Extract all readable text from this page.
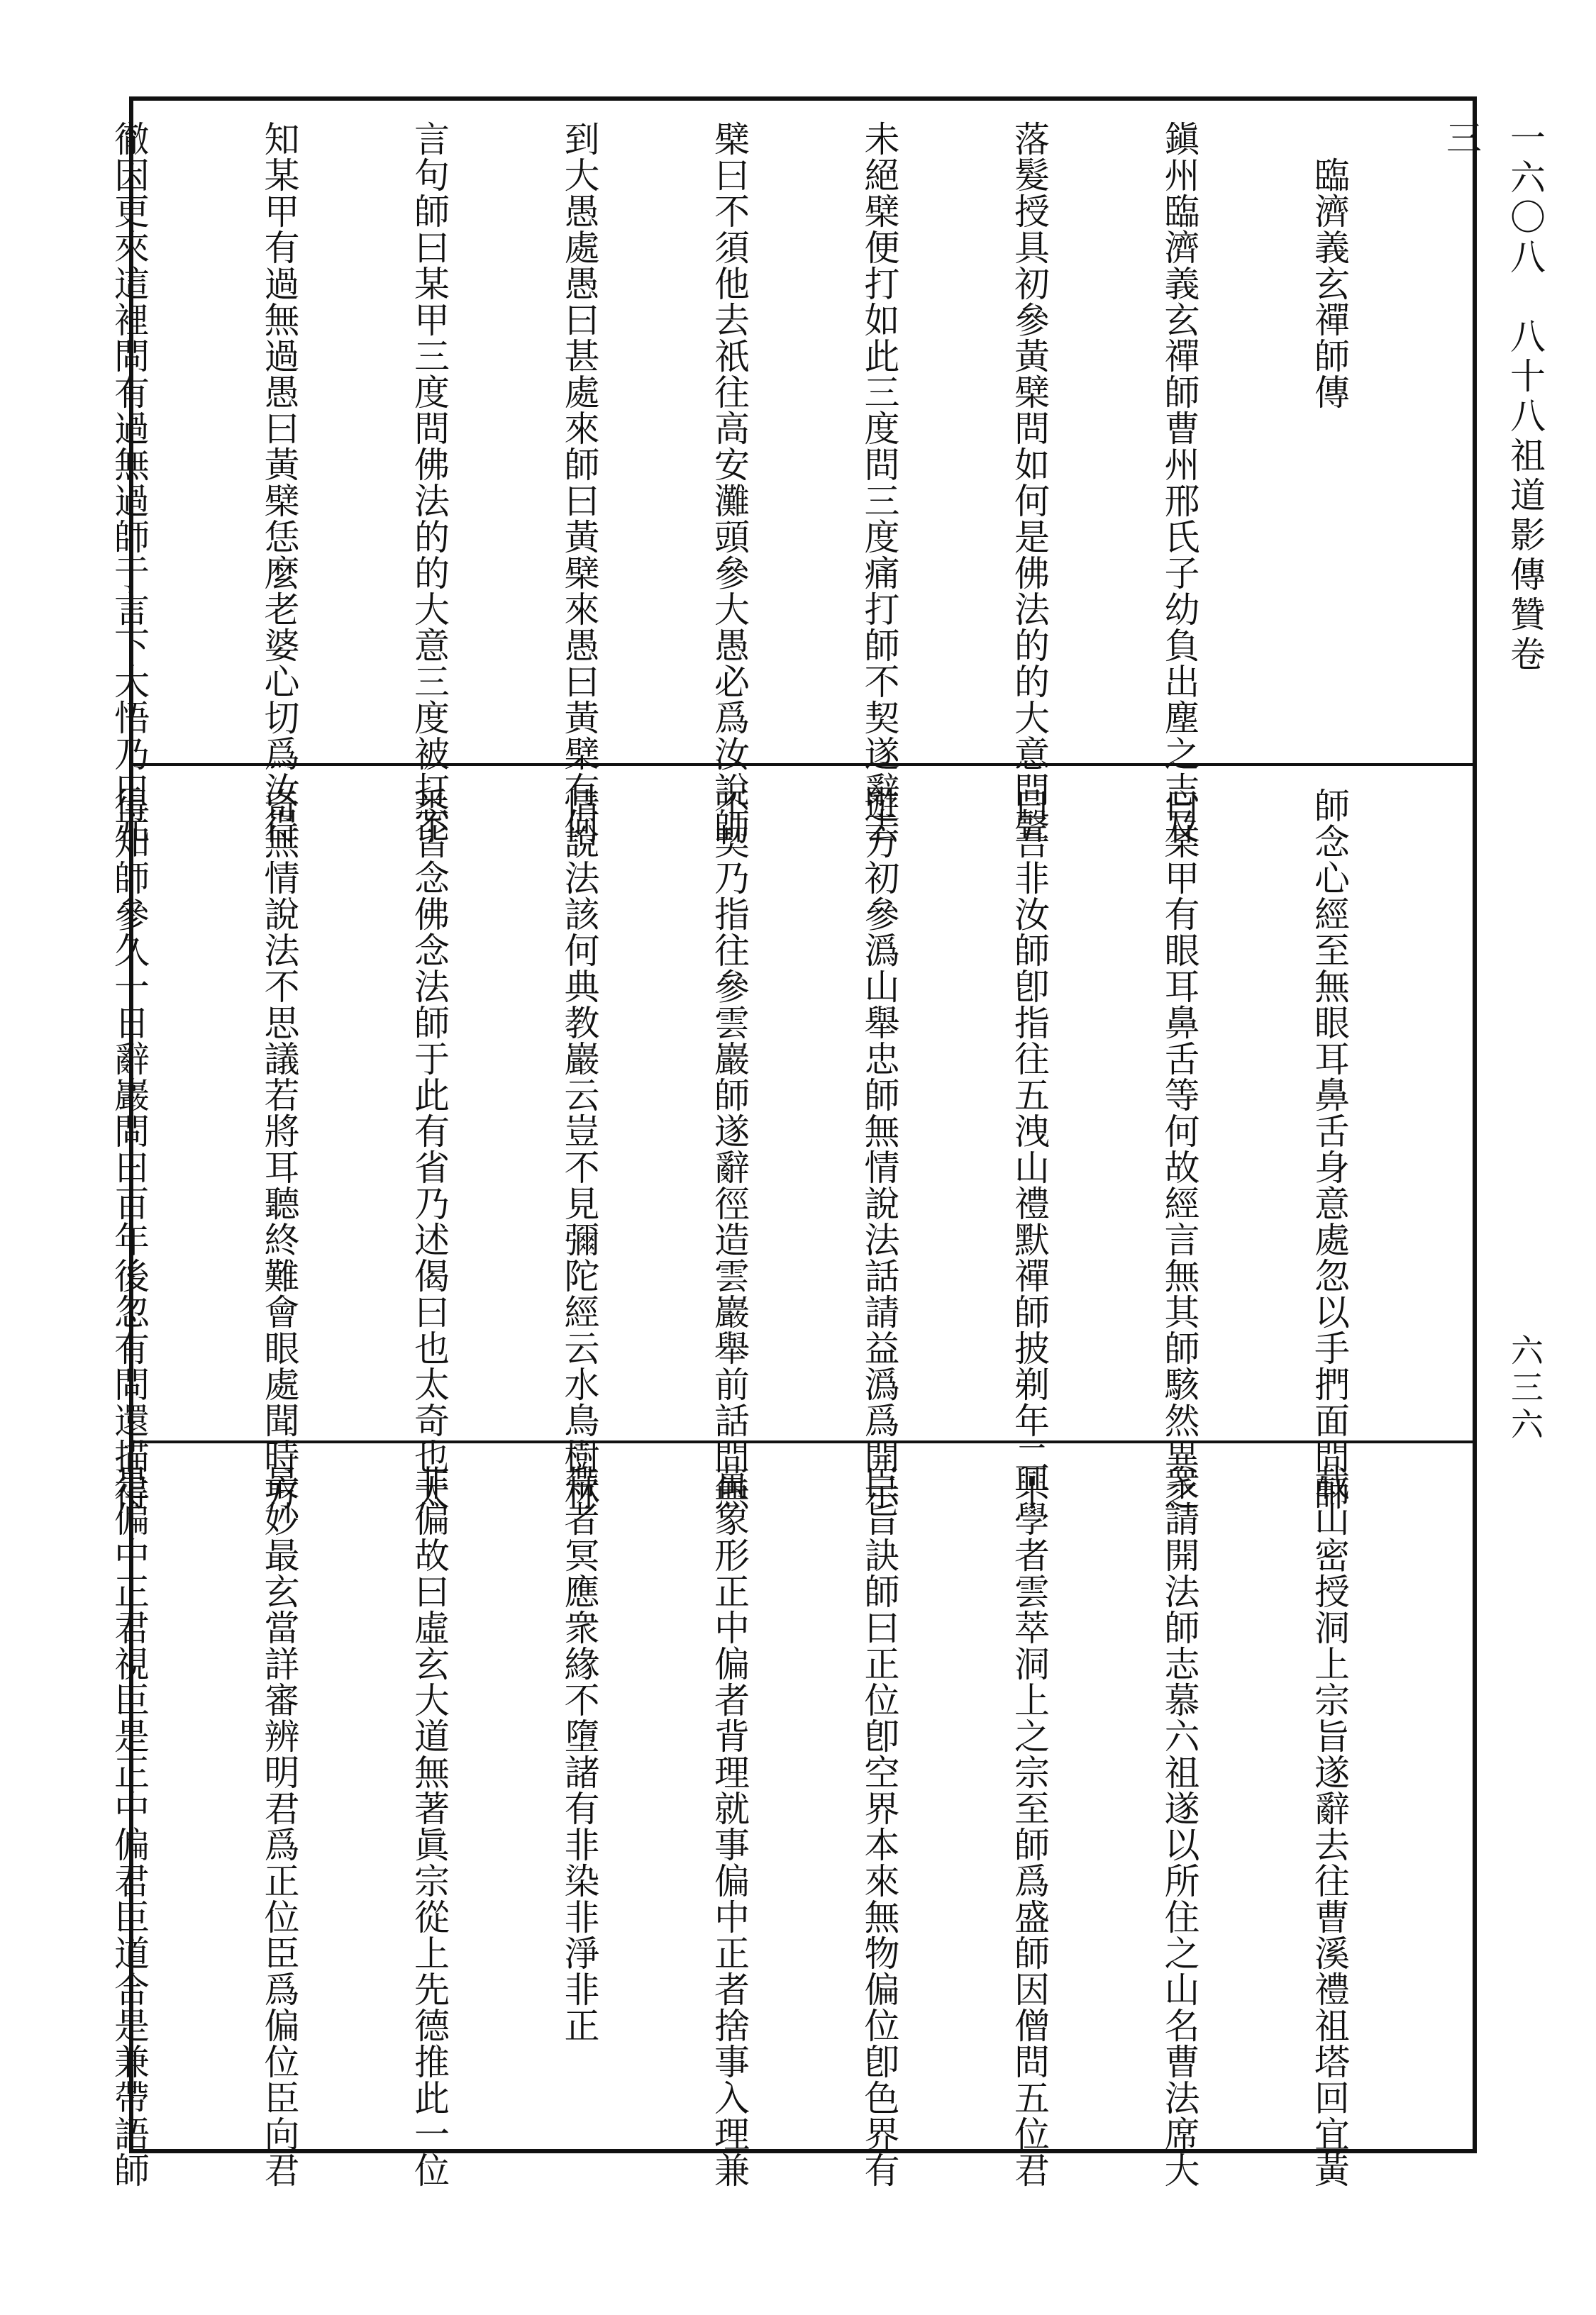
一六〇八　八十八祖道影傳贊卷三
六三六

　臨濟義玄禪師傳

鎭州臨濟義玄禪師曹州邢氏子幼負出塵之志及

落髮授具初參黃檗問如何是佛法的的大意問聲

未絕檗便打如此三度問三度痛打師不契遂辭去

檗曰不須他去祇往高安灘頭參大愚必爲汝說師

到大愚處愚曰甚處來師曰黃檗來愚曰黃檗有何

言句師曰某甲三度問佛法的的大意三度被打不

知某甲有過無過愚曰黃檗恁麼老婆心切爲汝得

徹因更來這裡問有過無過師于言下大悟乃曰元

師念心經至無眼耳鼻舌身意處忽以手捫面問師

曰某甲有眼耳鼻舌等何故經言無其師駭然異之

曰吾非汝師卽指往五洩山禮默禪師披剃年二十

遊方初參潙山舉忠師無情說法話請益潙爲開示

不契乃指往參雲巖師遂辭徑造雲巖舉前話問無

情說法該何典教巖云豈不見彌陀經云水鳥樹林

悉皆念佛念法師于此有省乃述偈曰也太奇也太

奇無情說法不思議若將耳聽終難會眼處聞時方

得知師參久一日辭巖問曰百年後忽有問還描得

載山密授洞上宗旨遂辭去往曹溪禮祖塔回宜黃

衆請開法師志慕六祖遂以所住之山名曹法席大

興學者雲萃洞上之宗至師爲盛師因僧問五位君

臣旨訣師曰正位卽空界本來無物偏位卽色界有

萬象形正中偏者背理就事偏中正者捨事入理兼

帶者冥應衆緣不墮諸有非染非淨非正

非偏故曰虛玄大道無著眞宗從上先德推此一位

最妙最玄當詳審辨明君爲正位臣爲偏位臣向君

是偏中正君視臣是正中偏君臣道合是兼帶語師
